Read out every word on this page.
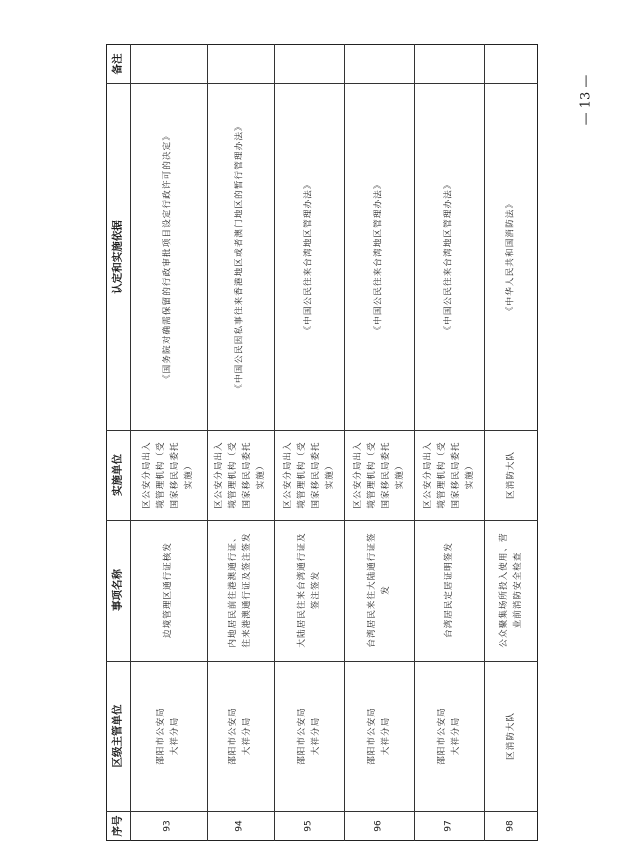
序号
区级主管单位
事项名称
实施单位
认定和实施依据
备注
93
邵阳市公安局 大祥分局
边境管理区通行证核发
区公安分局出入 境管理机构（受 国家移民局委托 实施）
《国务院对确需保留的行政审批项目设定行政许可的决定》
94
邵阳市公安局 大祥分局
内地居民前往港澳通行证、 往来港澳通行证及签注签发
区公安分局出入 境管理机构（受 国家移民局委托 实施）
《中国公民因私事往来香港地区或者澳门地区的暂行管理办法》
95
邵阳市公安局 大祥分局
大陆居民往来台湾通行证及 签注签发
区公安分局出入 境管理机构（受 国家移民局委托 实施）
《中国公民往来台湾地区管理办法》
96
邵阳市公安局 大祥分局
台湾居民来往大陆通行证签 发
区公安分局出入 境管理机构（受 国家移民局委托 实施）
《中国公民往来台湾地区管理办法》
97
邵阳市公安局 大祥分局
台湾居民定居证明签发
区公安分局出入 境管理机构（受 国家移民局委托 实施）
《中国公民往来台湾地区管理办法》
98
区消防大队
公众聚集场所投入使用、营 业前消防安全检查
区消防大队
《中华人民共和国消防法》
— 13 —
